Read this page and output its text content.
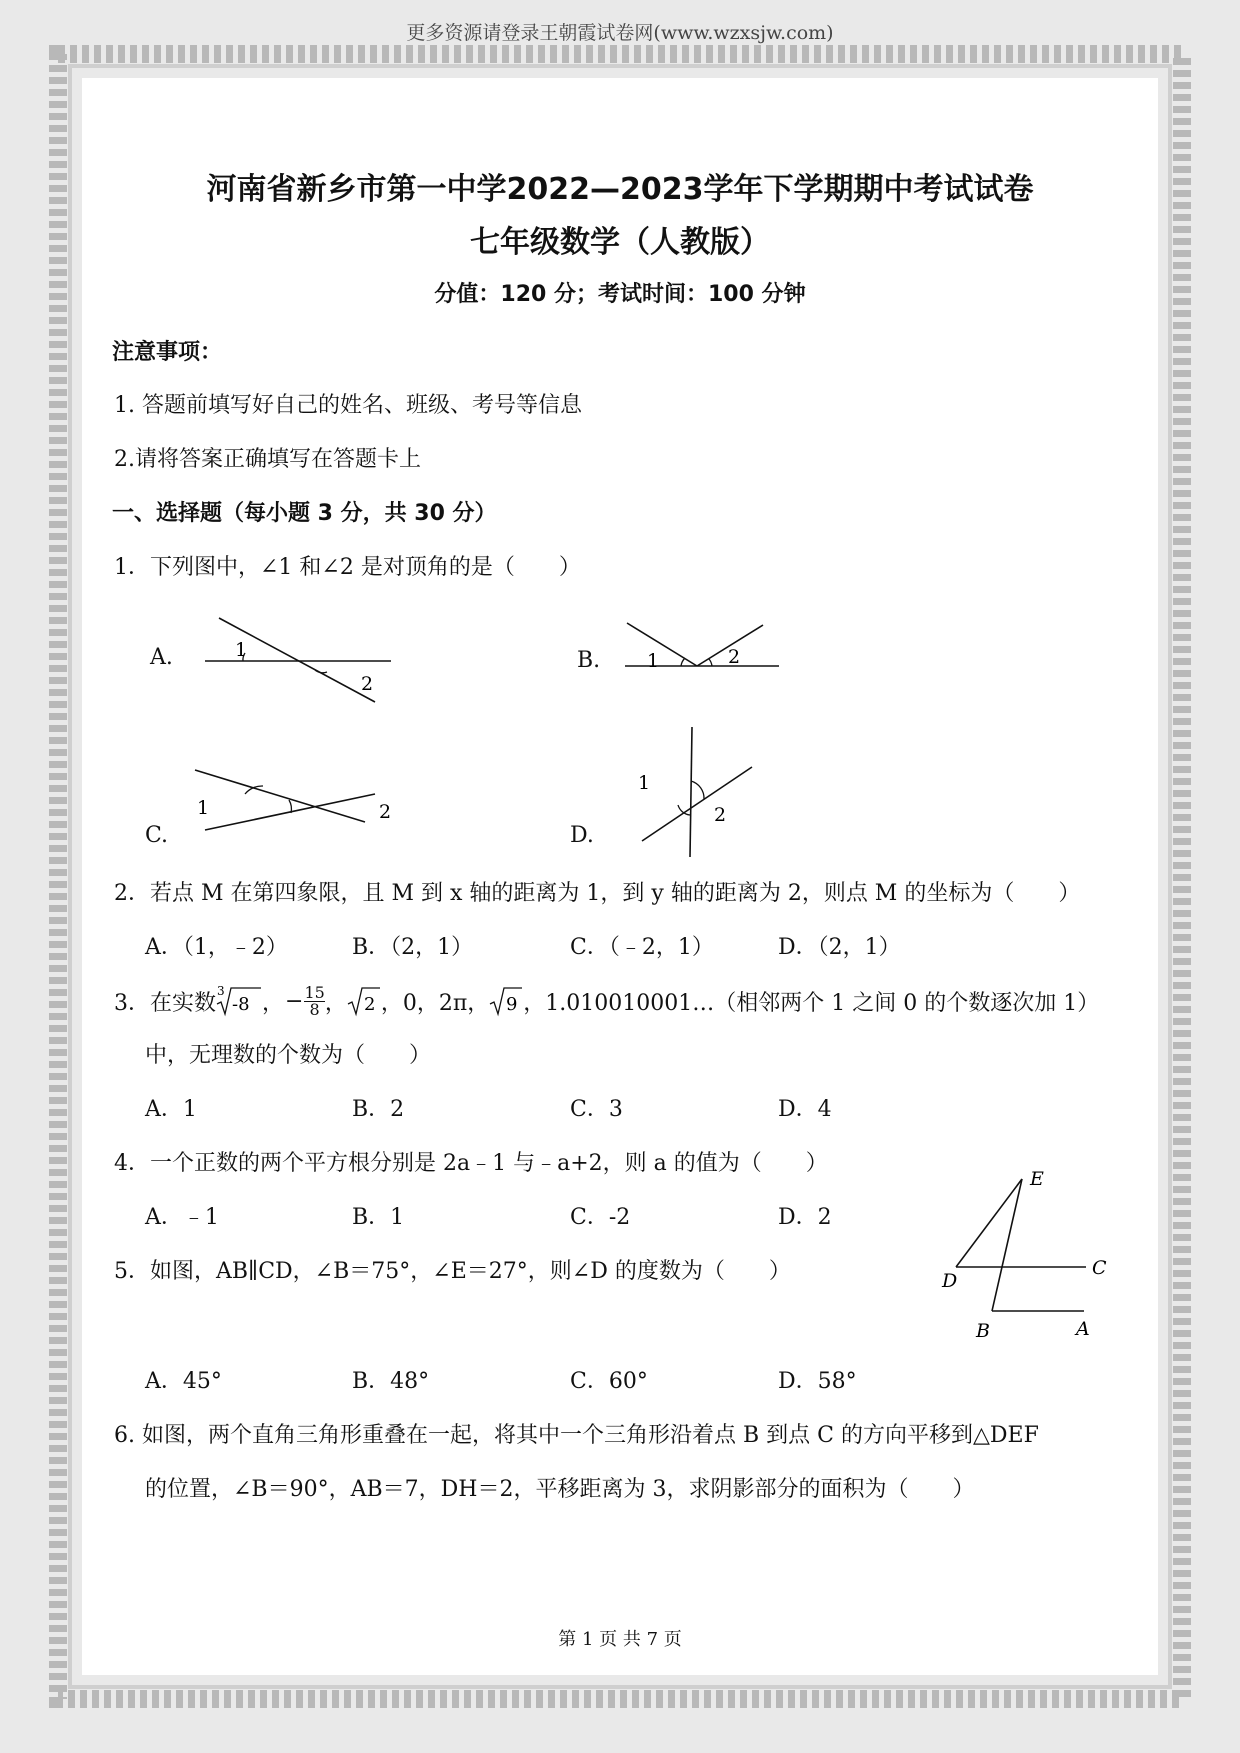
更多资源请登录王朝霞试卷网(www.wzxsjw.com)
河南省新乡市第一中学2022—2023学年下学期期中考试试卷
七年级数学（人教版）
分值：120 分；考试时间：100 分钟
注意事项：
1. 答题前填写好自己的姓名、班级、考号等信息
2.请将答案正确填写在答题卡上
一、选择题（每小题 3 分，共 30 分）
1．下列图中，∠1 和∠2 是对顶角的是（　　）
A.	1
2
B. 1	2
C.
1	2
D.
1
2
2．若点 M 在第四象限，且 M 到 x 轴的距离为 1，到 y 轴的距离为 2，则点 M 的坐标为（　　）
A．（1，﹣2）	B．（2，1）	C．（﹣2，1）	D．（2，1）
3．在实数 3
-8 ， − 15
8 ， 2 ，0，2π， 9 ，1.010010001…（相邻两个 1 之间 0 的个数逐次加 1）
中，无理数的个数为（　　）
A．1	B．2	C．3	D．4
4．一个正数的两个平方根分别是 2a﹣1 与﹣a+2，则 a 的值为（　　）
A．﹣1	B．1	C．-2	D．2
5．如图，AB∥CD，∠B＝75°，∠E＝27°，则∠D 的度数为（　　）
E
C
D
B	A
A．45°	B．48°	C．60°	D．58°
6. 如图，两个直角三角形重叠在一起，将其中一个三角形沿着点 B 到点 C 的方向平移到△DEF
的位置，∠B＝90°，AB＝7，DH＝2，平移距离为 3，求阴影部分的面积为（　　）
第 1 页 共 7 页
